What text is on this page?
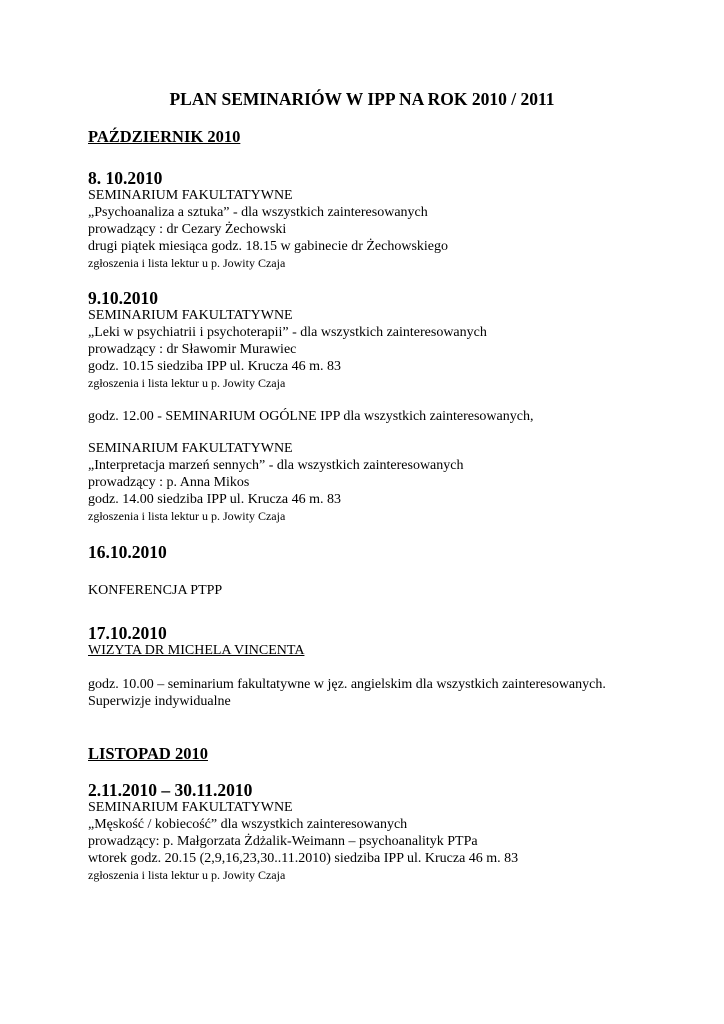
PLAN SEMINARIÓW W IPP NA ROK 2010 / 2011
PAŹDZIERNIK 2010
8. 10.2010
SEMINARIUM FAKULTATYWNE
„Psychoanaliza a sztuka” - dla wszystkich zainteresowanych
prowadzący : dr Cezary Żechowski
drugi piątek miesiąca godz. 18.15 w gabinecie dr Żechowskiego
zgłoszenia i lista lektur u p. Jowity Czaja
9.10.2010
SEMINARIUM FAKULTATYWNE
„Leki w psychiatrii i psychoterapii” - dla wszystkich zainteresowanych
prowadzący : dr Sławomir Murawiec
godz. 10.15 siedziba IPP ul. Krucza 46 m. 83
zgłoszenia i lista lektur u p. Jowity Czaja
godz. 12.00 - SEMINARIUM OGÓLNE IPP dla wszystkich zainteresowanych,
SEMINARIUM FAKULTATYWNE
„Interpretacja marzeń sennych” - dla wszystkich zainteresowanych
prowadzący : p. Anna Mikos
godz. 14.00 siedziba IPP ul. Krucza 46 m. 83
zgłoszenia i lista lektur u p. Jowity Czaja
16.10.2010
KONFERENCJA PTPP
17.10.2010
WIZYTA DR MICHELA VINCENTA
godz. 10.00 – seminarium fakultatywne w jęz. angielskim dla wszystkich zainteresowanych.
Superwizje indywidualne
LISTOPAD 2010
2.11.2010 – 30.11.2010
SEMINARIUM FAKULTATYWNE
„Męskość / kobiecość” dla wszystkich zainteresowanych
prowadzący: p. Małgorzata Żdżalik-Weimann – psychoanalityk PTPa
wtorek godz. 20.15 (2,9,16,23,30..11.2010) siedziba IPP ul. Krucza 46 m. 83
zgłoszenia i lista lektur u p. Jowity Czaja
